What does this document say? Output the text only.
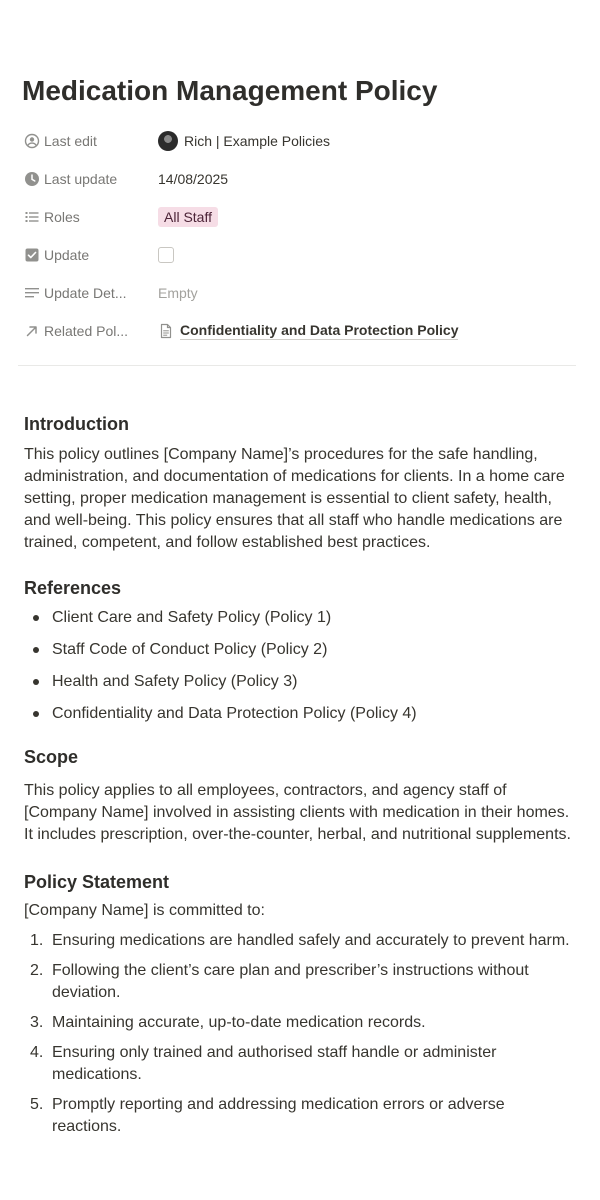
Medication Management Policy
Last edit	Rich | Example Policies
Last update	14/08/2025
Roles	All Staff
Update
Update Det... Empty
Related Pol...	Confidentiality and Data Protection Policy
Introduction

This policy outlines [Company Name]’s procedures for the safe handling, administration, and documentation of medications for clients. In a home care setting, proper medication management is essential to client safety, health, and well-being. This policy ensures that all staff who handle medications are trained, competent, and follow established best practices.

References
Client Care and Safety Policy (Policy 1)
Staff Code of Conduct Policy (Policy 2)
Health and Safety Policy (Policy 3)
Confidentiality and Data Protection Policy (Policy 4)
Scope

This policy applies to all employees, contractors, and agency staff of [Company Name] involved in assisting clients with medication in their homes. It includes prescription, over-the-counter, herbal, and nutritional supplements.

Policy Statement

[Company Name] is committed to:

1. Ensuring medications are handled safely and accurately to prevent harm.
2. Following the client’s care plan and prescriber’s instructions without deviation.
3. Maintaining accurate, up-to-date medication records.
4. Ensuring only trained and authorised staff handle or administer medications.
5. Promptly reporting and addressing medication errors or adverse reactions.
